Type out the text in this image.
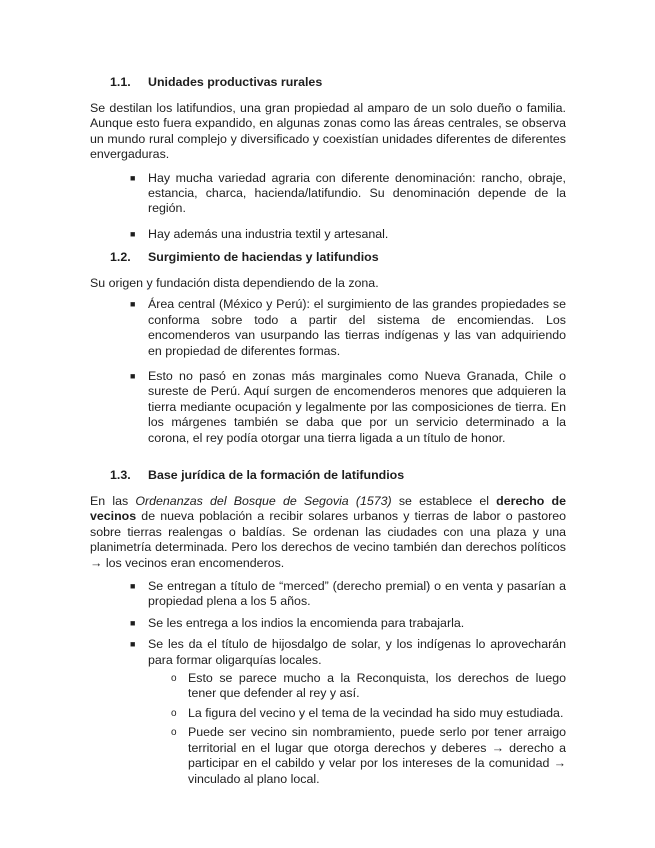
1.1.	Unidades productivas rurales

Se destilan los latifundios, una gran propiedad al amparo de un solo dueño o familia. Aunque esto fuera expandido, en algunas zonas como las áreas centrales, se observa un mundo rural complejo y diversificado y coexistían unidades diferentes de diferentes envergaduras.

■ Hay mucha variedad agraria con diferente denominación: rancho, obraje, estancia, charca, hacienda/latifundio. Su denominación depende de la región.
■ Hay además una industria textil y artesanal.
1.2.	Surgimiento de haciendas y latifundios

Su origen y fundación dista dependiendo de la zona.

■ Área central (México y Perú): el surgimiento de las grandes propiedades se conforma sobre todo a partir del sistema de encomiendas. Los encomenderos van usurpando las tierras indígenas y las van adquiriendo en propiedad de diferentes formas.
■ Esto no pasó en zonas más marginales como Nueva Granada, Chile o sureste de Perú. Aquí surgen de encomenderos menores que adquieren la tierra mediante ocupación y legalmente por las composiciones de tierra. En los márgenes también se daba que por un servicio determinado a la corona, el rey podía otorgar una tierra ligada a un título de honor.
1.3.	Base jurídica de la formación de latifundios

En las Ordenanzas del Bosque de Segovia (1573) se establece el derecho de vecinos de nueva población a recibir solares urbanos y tierras de labor o pastoreo sobre tierras realengas o baldías. Se ordenan las ciudades con una plaza y una planimetría determinada. Pero los derechos de vecino también dan derechos políticos → los vecinos eran encomenderos.

■ Se entregan a título de “merced” (derecho premial) o en venta y pasarían a propiedad plena a los 5 años.
■ Se les entrega a los indios la encomienda para trabajarla.
■ Se les da el título de hijosdalgo de solar, y los indígenas lo aprovecharán para formar oligarquías locales.
o Esto se parece mucho a la Reconquista, los derechos de luego tener que defender al rey y así.
o La figura del vecino y el tema de la vecindad ha sido muy estudiada.
o Puede ser vecino sin nombramiento, puede serlo por tener arraigo territorial en el lugar que otorga derechos y deberes → derecho a participar en el cabildo y velar por los intereses de la comunidad → vinculado al plano local.
